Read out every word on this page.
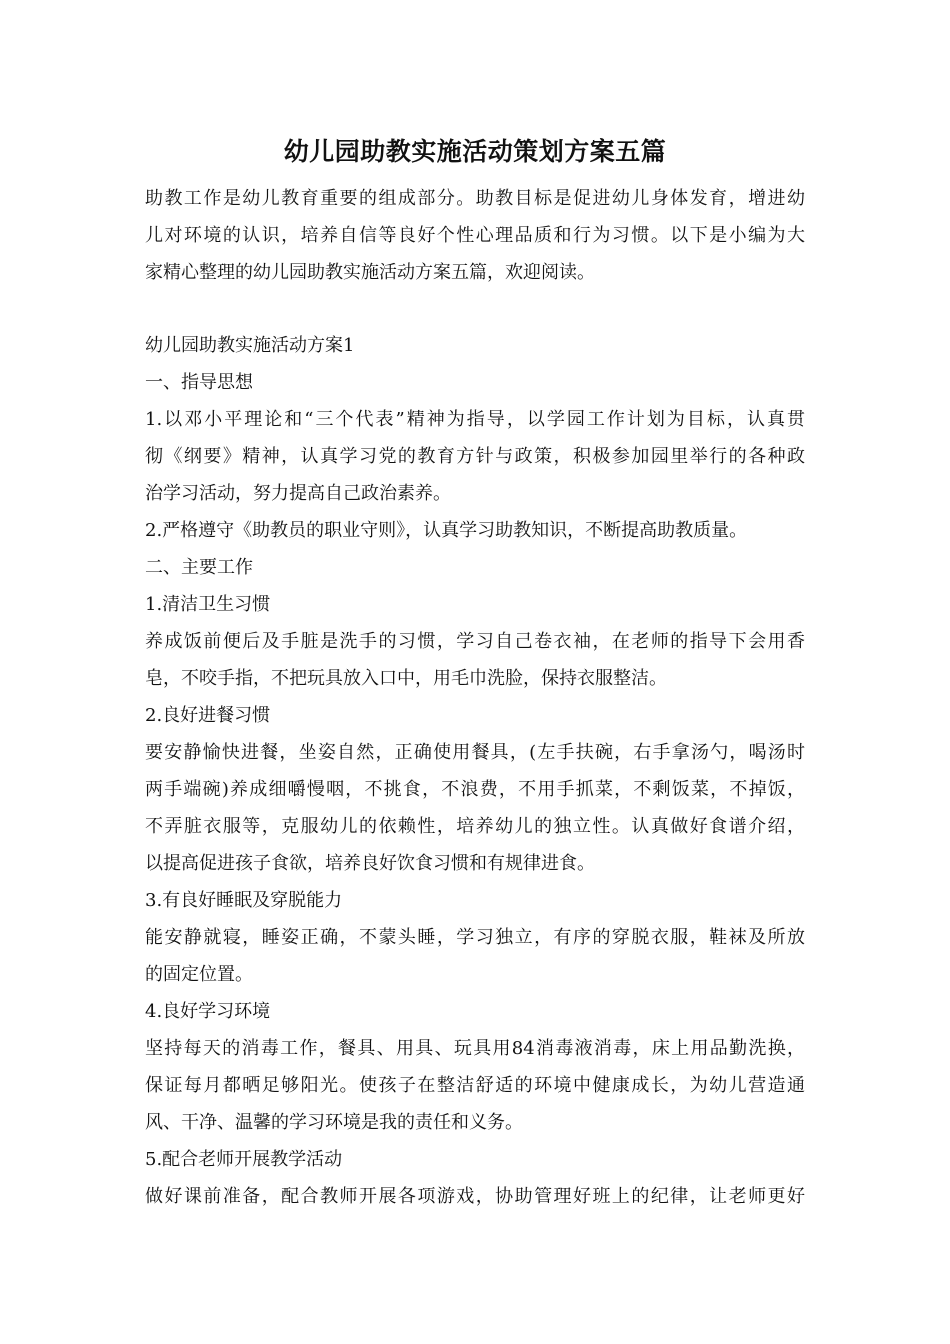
幼儿园助教实施活动策划方案五篇
助教工作是幼儿教育重要的组成部分。助教目标是促进幼儿身体发育，增进幼
儿对环境的认识，培养自信等良好个性心理品质和行为习惯。以下是小编为大
家精心整理的幼儿园助教实施活动方案五篇，欢迎阅读。
幼儿园助教实施活动方案1
一、指导思想
1.以邓小平理论和“三个代表”精神为指导，以学园工作计划为目标，认真贯
彻《纲要》精神，认真学习党的教育方针与政策，积极参加园里举行的各种政
治学习活动，努力提高自己政治素养。
2.严格遵守《助教员的职业守则》，认真学习助教知识，不断提高助教质量。
二、主要工作
1.清洁卫生习惯
养成饭前便后及手脏是洗手的习惯，学习自己卷衣袖，在老师的指导下会用香
皂，不咬手指，不把玩具放入口中，用毛巾洗脸，保持衣服整洁。
2.良好进餐习惯
要安静愉快进餐，坐姿自然，正确使用餐具，(左手扶碗，右手拿汤勺，喝汤时
两手端碗)养成细嚼慢咽，不挑食，不浪费，不用手抓菜，不剩饭菜，不掉饭，
不弄脏衣服等，克服幼儿的依赖性，培养幼儿的独立性。认真做好食谱介绍，
以提高促进孩子食欲，培养良好饮食习惯和有规律进食。
3.有良好睡眠及穿脱能力
能安静就寝，睡姿正确，不蒙头睡，学习独立，有序的穿脱衣服，鞋袜及所放
的固定位置。
4.良好学习环境
坚持每天的消毒工作，餐具、用具、玩具用84消毒液消毒，床上用品勤洗换，
保证每月都晒足够阳光。使孩子在整洁舒适的环境中健康成长，为幼儿营造通
风、干净、温馨的学习环境是我的责任和义务。
5.配合老师开展教学活动
做好课前准备，配合教师开展各项游戏，协助管理好班上的纪律，让老师更好
